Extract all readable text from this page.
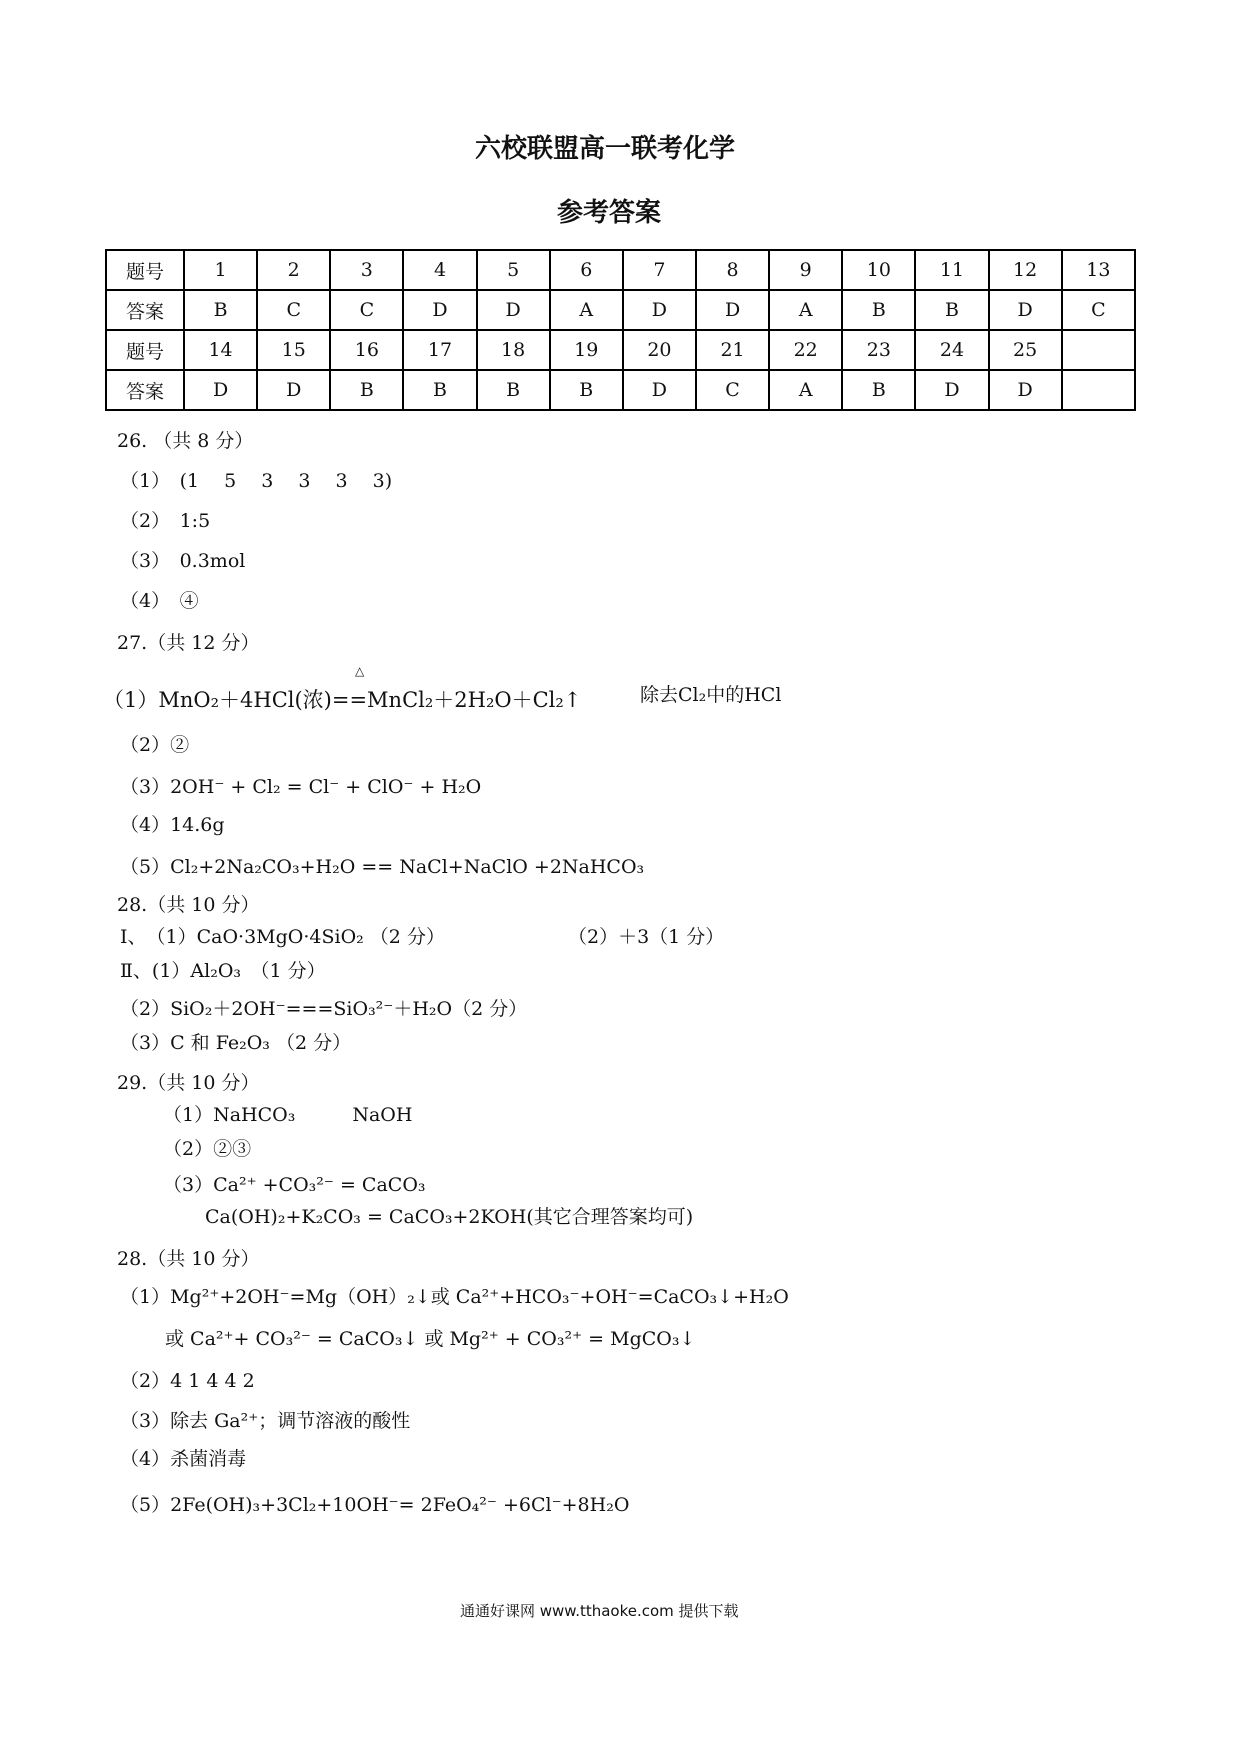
六校联盟高一联考化学
参考答案
题号	1	2	3	4	5	6	7	8	9	10	11	12	13
答案	B	C	C	D	D	A	D	D	A	B	B	D	C
题号	14	15	16	17	18	19	20	21	22	23	24	25	
答案	D	D	B	B	B	B	D	C	A	B	D	D	
26. （共 8 分）
（1）　(1　 5　 3　 3　 3　 3)
（2）　1:5
（3）　0.3mol
（4）　④
27.（共 12 分）
△
（1）MnO₂＋4HCl(浓)==MnCl₂＋2H₂O＋Cl₂↑	除去Cl₂中的HCl
（2）②
（3）2OH⁻ + Cl₂ = Cl⁻ + ClO⁻ + H₂O
（4）14.6g
（5）Cl₂+2Na₂CO₃+H₂O == NaCl+NaClO +2NaHCO₃
28.（共 10 分）
Ⅰ、　（1）CaO·3MgO·4SiO₂ （2 分）	（2）＋3（1 分）
Ⅱ、(1）Al₂O₃　（1 分）
（2）SiO₂＋2OH⁻===SiO₃²⁻＋H₂O（2 分）
（3）C 和 Fe₂O₃ （2 分）
29.（共 10 分）
（1）NaHCO₃　　　NaOH
（2）②③
（3）Ca²⁺ +CO₃²⁻ = CaCO₃
Ca(OH)₂+K₂CO₃ = CaCO₃+2KOH(其它合理答案均可)
28.（共 10 分）
（1）Mg²⁺+2OH⁻=Mg（OH）₂↓或 Ca²⁺+HCO₃⁻+OH⁻=CaCO₃↓+H₂O
或 Ca²⁺+ CO₃²⁻ = CaCO₃↓ 或 Mg²⁺ + CO₃²⁺ = MgCO₃↓
（2）4 1 4 4 2
（3）除去 Ga²⁺；调节溶液的酸性
（4）杀菌消毒
（5）2Fe(OH)₃+3Cl₂+10OH⁻= 2FeO₄²⁻ +6Cl⁻+8H₂O
通通好课网 www.tthaoke.com 提供下载
